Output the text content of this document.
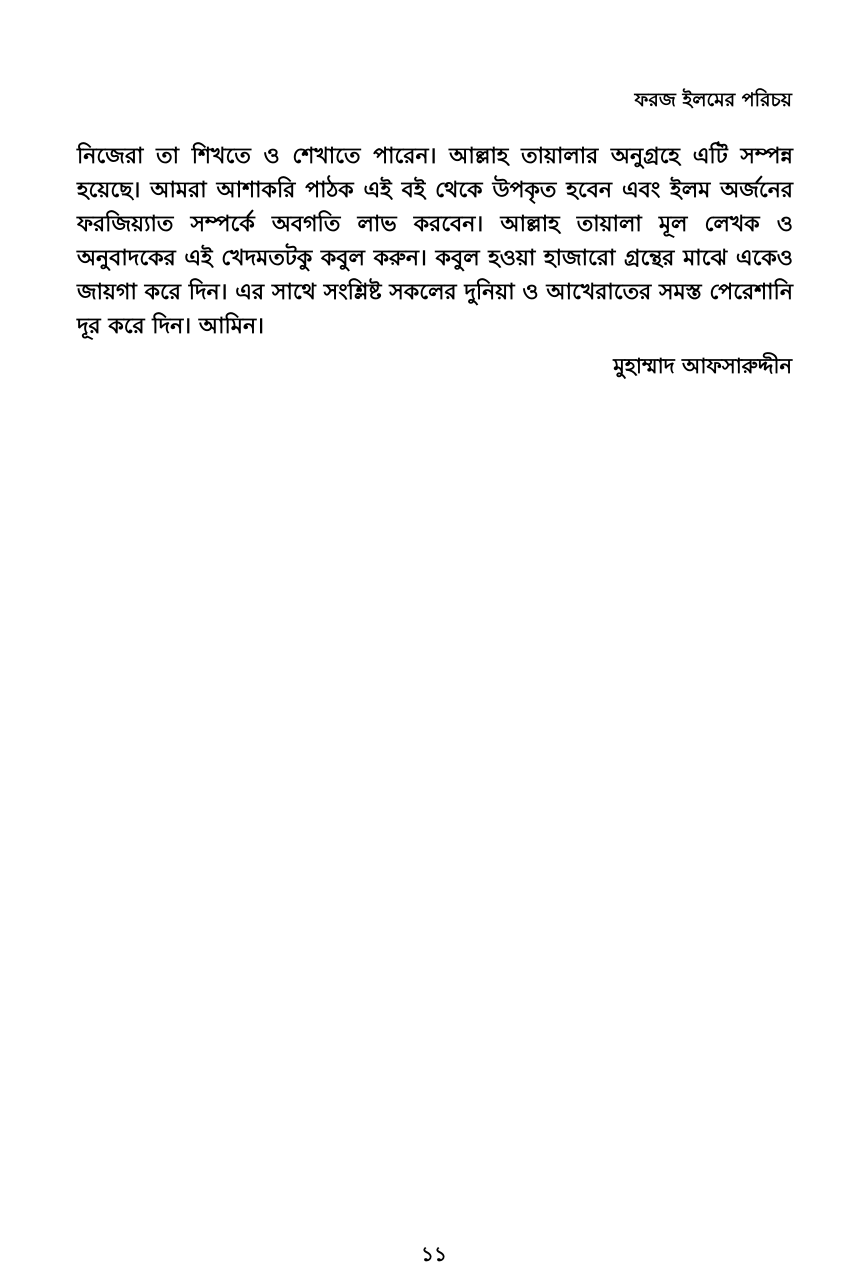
ফরজ ইলমের পরিচয়

নিজেরা তা শিখতে ও শেখাতে পারেন। আল্লাহ তায়ালার অনুগ্রহে এটি সম্পন্ন হয়েছে। আমরা আশাকরি পাঠক এই বই থেকে উপকৃত হবেন এবং ইলম অর্জনের ফরজিয়্যাত সম্পর্কে অবগতি লাভ করবেন। আল্লাহ তায়ালা মূল লেখক ও অনুবাদকের এই খেদমতটকু কবুল করুন। কবুল হওয়া হাজারো গ্রন্থের মাঝে একেও জায়গা করে দিন। এর সাথে সংশ্লিষ্ট সকলের দুনিয়া ও আখেরাতের সমস্ত পেরেশানি দূর করে দিন। আমিন।

মুহাম্মাদ আফসারুদ্দীন
১১
